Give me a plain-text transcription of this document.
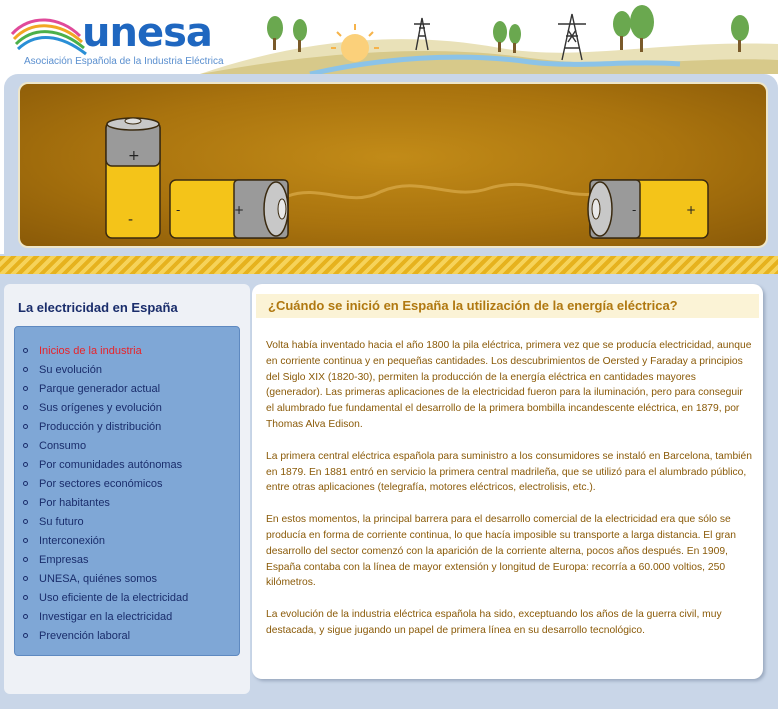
unesa
Asociación Española de la Industria Eléctrica
+
-
-	+	-	+
La electricidad en España
Inicios de la industria
Su evolución
Parque generador actual
Sus orígenes y evolución
Producción y distribución
Consumo
Por comunidades autónomas
Por sectores económicos
Por habitantes
Su futuro
Interconexión
Empresas
UNESA, quiénes somos
Uso eficiente de la electricidad
Investigar en la electricidad
Prevención laboral
¿Cuándo se inició en España la utilización de la energía eléctrica?

Volta había inventado hacia el año 1800 la pila eléctrica, primera vez que se producía electricidad, aunque en corriente continua y en pequeñas cantidades. Los descubrimientos de Oersted y Faraday a principios del Siglo XIX (1820-30), permiten la producción de la energía eléctrica en cantidades mayores (generador). Las primeras aplicaciones de la electricidad fueron para la iluminación, pero para conseguir el alumbrado fue fundamental el desarrollo de la primera bombilla incandescente eléctrica, en 1879, por Thomas Alva Edison.

La primera central eléctrica española para suministro a los consumidores se instaló en Barcelona, también en 1879. En 1881 entró en servicio la primera central madrileña, que se utilizó para el alumbrado público, entre otras aplicaciones (telegrafía, motores eléctricos, electrolisis, etc.).

En estos momentos, la principal barrera para el desarrollo comercial de la electricidad era que sólo se producía en forma de corriente continua, lo que hacía imposible su transporte a larga distancia. El gran desarrollo del sector comenzó con la aparición de la corriente alterna, pocos años después. En 1909, España contaba con la línea de mayor extensión y longitud de Europa: recorría a 60.000 voltios, 250 kilómetros.

La evolución de la industria eléctrica española ha sido, exceptuando los años de la guerra civil, muy destacada, y sigue jugando un papel de primera línea en su desarrollo tecnológico.
